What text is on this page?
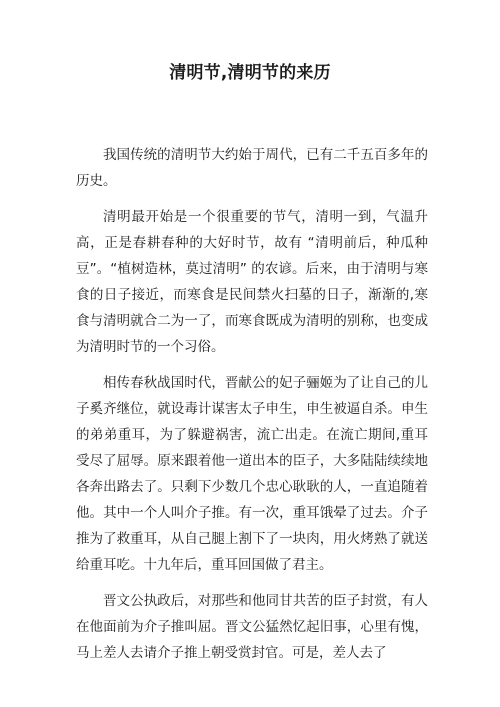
清明节,清明节的来历

我国传统的清明节大约始于周代，已有二千五百多年的历史。

清明最开始是一个很重要的节气，清明一到，气温升高，正是春耕春种的大好时节，故有 “清明前后，种瓜种豆”。“植树造林，莫过清明” 的农谚。后来，由于清明与寒食的日子接近，而寒食是民间禁火扫墓的日子，渐渐的,寒食与清明就合二为一了，而寒食既成为清明的别称，也变成为清明时节的一个习俗。

相传春秋战国时代，晋献公的妃子骊姬为了让自己的儿子奚齐继位，就设毒计谋害太子申生，申生被逼自杀。申生的弟弟重耳，为了躲避祸害，流亡出走。在流亡期间,重耳受尽了屈辱。原来跟着他一道出本的臣子，大多陆陆续续地各奔出路去了。只剩下少数几个忠心耿耿的人，一直追随着他。其中一个人叫介子推。有一次，重耳饿晕了过去。介子推为了救重耳，从自己腿上割下了一块肉，用火烤熟了就送给重耳吃。十九年后，重耳回国做了君主。

晋文公执政后，对那些和他同甘共苦的臣子封赏，有人在他面前为介子推叫屈。晋文公猛然忆起旧事，心里有愧，马上差人去请介子推上朝受赏封官。可是，差人去了
